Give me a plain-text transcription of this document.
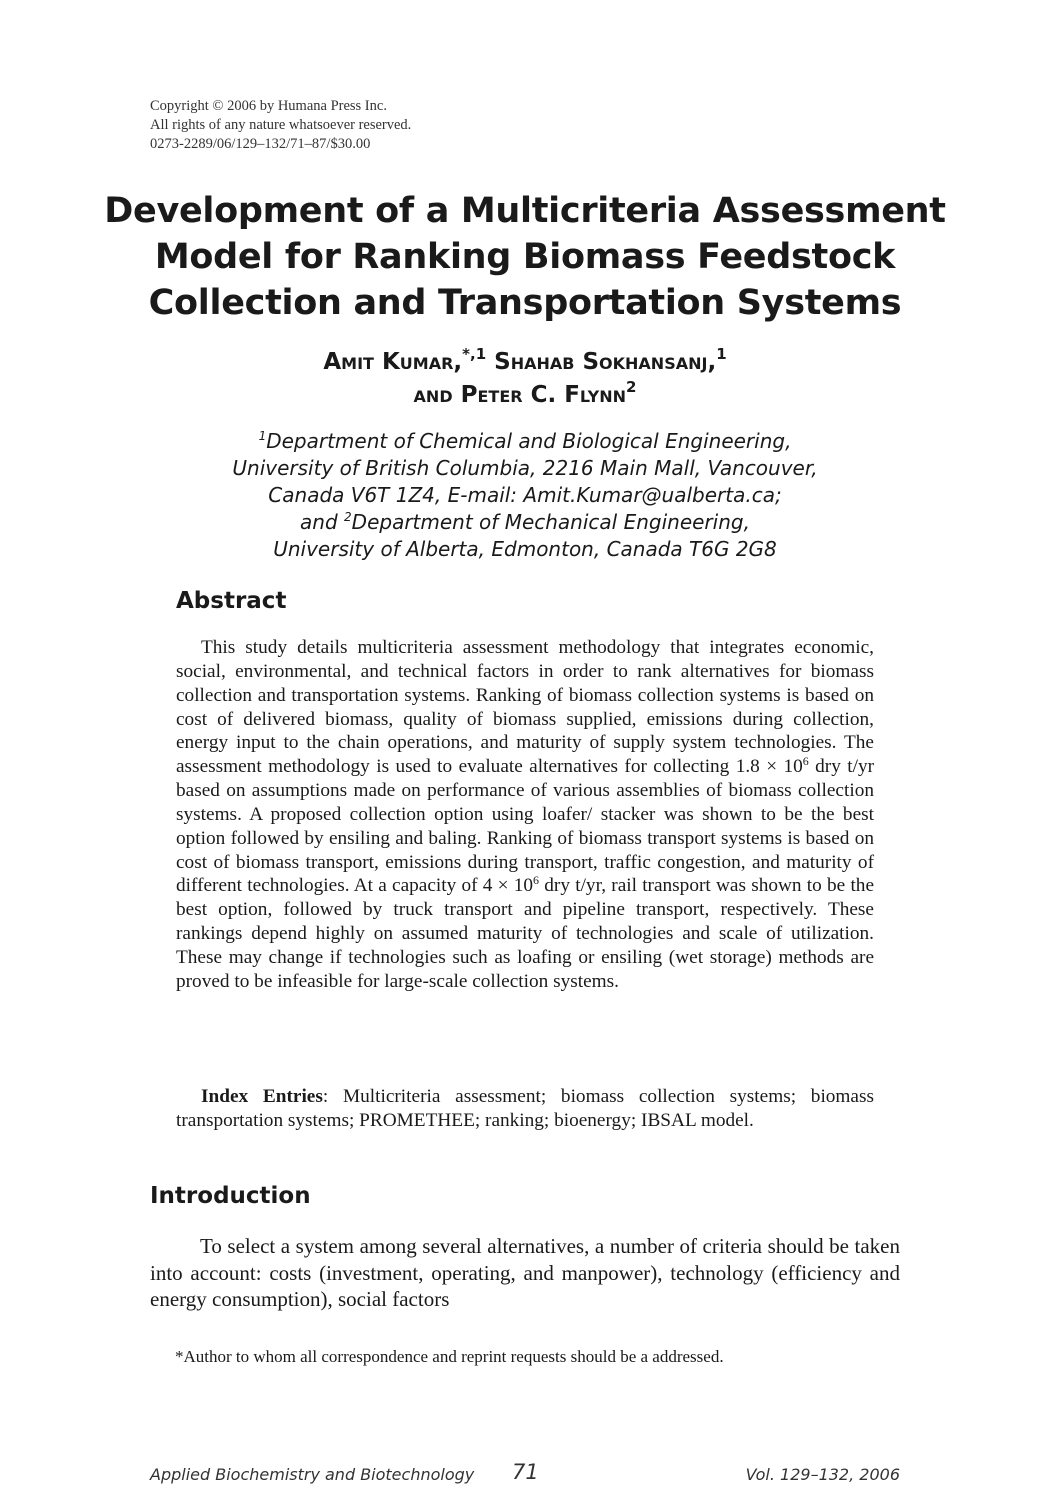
Copyright © 2006 by Humana Press Inc.
All rights of any nature whatsoever reserved.
0273-2289/06/129–132/71–87/$30.00
Development of a Multicriteria Assessment
Model for Ranking Biomass Feedstock
Collection and Transportation Systems
Amit Kumar,$^{*,1}$ Shahab Sokhansanj,$^1$
and Peter C. Flynn$^2$
$^1$Department of Chemical and Biological Engineering,
University of British Columbia, 2216 Main Mall, Vancouver,
Canada V6T 1Z4, E-mail: Amit.Kumar@ualberta.ca;
and $^2$Department of Mechanical Engineering,
University of Alberta, Edmonton, Canada T6G 2G8
Abstract

This study details multicriteria assessment methodology that integrates economic, social, environmental, and technical factors in order to rank alternatives for biomass collection and transportation systems. Ranking of biomass collection systems is based on cost of delivered biomass, quality of biomass supplied, emissions during collection, energy input to the chain operations, and maturity of supply system technologies. The assessment methodology is used to evaluate alternatives for collecting $1.8 \times 10^6$ dry t/yr based on assumptions made on performance of various assemblies of biomass collection systems. A proposed collection option using loafer/ stacker was shown to be the best option followed by ensiling and baling. Ranking of biomass transport systems is based on cost of biomass transport, emissions during transport, traffic congestion, and maturity of different technologies. At a capacity of $4 \times 10^6$ dry t/yr, rail transport was shown to be the best option, followed by truck transport and pipeline transport, respectively. These rankings depend highly on assumed maturity of technologies and scale of utilization. These may change if technologies such as loafing or ensiling (wet storage) methods are proved to be infeasible for large-scale collection systems.

Index Entries: Multicriteria assessment; biomass collection systems; biomass transportation systems; PROMETHEE; ranking; bioenergy; IBSAL model.

Introduction

To select a system among several alternatives, a number of criteria should be taken into account: costs (investment, operating, and manpower), technology (efficiency and energy consumption), social factors

*Author to whom all correspondence and reprint requests should be a addressed.
Applied Biochemistry and Biotechnology 71	Vol. 129–132, 2006
